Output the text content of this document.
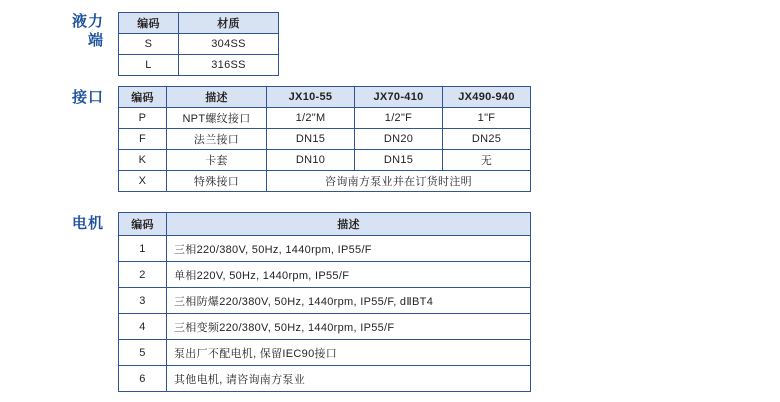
液力
端
编码	材质
S	304SS
L	316SS
接口	编码	描述	JX10-55	JX70-410	JX490-940
P	NPT螺纹接口	1/2"M	1/2"F	1"F
F	法兰接口	DN15	DN20	DN25
K	卡套	DN10	DN15	无
X	特殊接口	咨询南方泵业并在订货时注明		
电机	编码	描述
1	三相220/380V, 50Hz, 1440rpm, IP55/F
2	单相220V, 50Hz, 1440rpm, IP55/F
3	三相防爆220/380V, 50Hz, 1440rpm, IP55/F, dⅡBT4
4	三相变频220/380V, 50Hz, 1440rpm, IP55/F
5	泵出厂不配电机, 保留IEC90接口
6	其他电机, 请咨询南方泵业
